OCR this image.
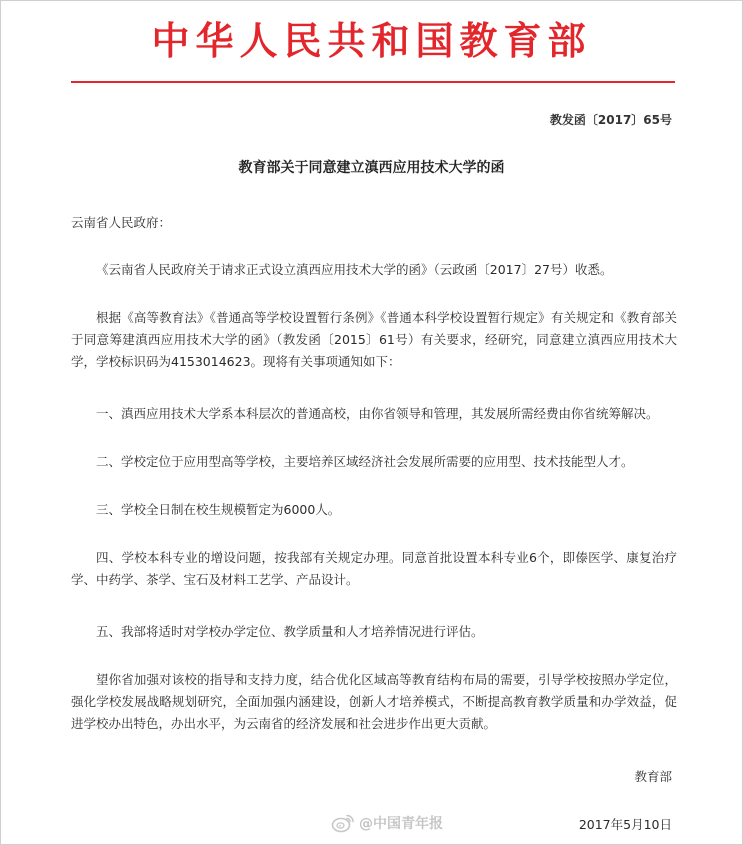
中华人民共和国教育部
教发函〔2017〕65号
教育部关于同意建立滇西应用技术大学的函
云南省人民政府：

《云南省人民政府关于请求正式设立滇西应用技术大学的函》（云政函〔2017〕27号）收悉。

根据《高等教育法》《普通高等学校设置暂行条例》《普通本科学校设置暂行规定》有关规定和《教育部关于同意筹建滇西应用技术大学的函》（教发函〔2015〕61号）有关要求，经研究，同意建立滇西应用技术大学，学校标识码为4153014623。现将有关事项通知如下：

一、滇西应用技术大学系本科层次的普通高校，由你省领导和管理，其发展所需经费由你省统筹解决。

二、学校定位于应用型高等学校，主要培养区域经济社会发展所需要的应用型、技术技能型人才。

三、学校全日制在校生规模暂定为6000人。

四、学校本科专业的增设问题，按我部有关规定办理。同意首批设置本科专业6个，即傣医学、康复治疗学、中药学、茶学、宝石及材料工艺学、产品设计。

五、我部将适时对学校办学定位、教学质量和人才培养情况进行评估。

望你省加强对该校的指导和支持力度，结合优化区域高等教育结构布局的需要，引导学校按照办学定位，强化学校发展战略规划研究，全面加强内涵建设，创新人才培养模式，不断提高教育教学质量和办学效益，促进学校办出特色，办出水平，为云南省的经济发展和社会进步作出更大贡献。

教育部
@中国青年报	2017年5月10日
